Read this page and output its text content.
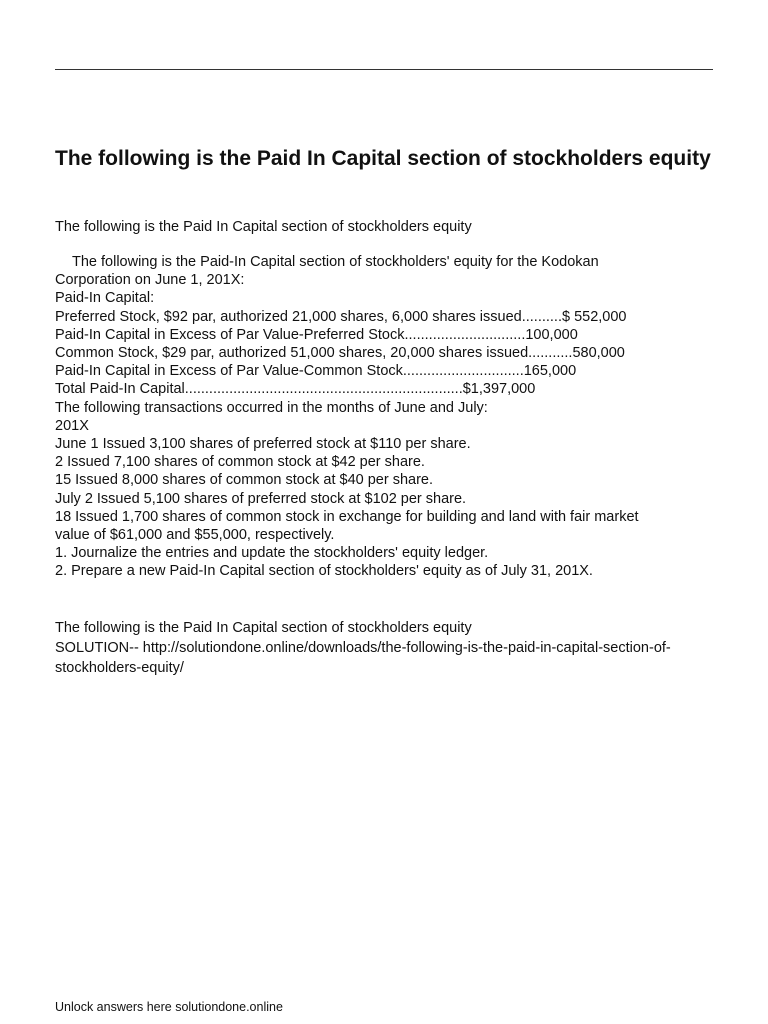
The following is the Paid In Capital section of stockholders equity

The following is the Paid In Capital section of stockholders equity

The following is the Paid-In Capital section of stockholders' equity for the Kodokan
Corporation on June 1, 201X:
Paid-In Capital:
Preferred Stock, $92 par, authorized 21,000 shares, 6,000 shares issued..........$ 552,000
Paid-In Capital in Excess of Par Value-Preferred Stock..............................100,000
Common Stock, $29 par, authorized 51,000 shares, 20,000 shares issued...........580,000
Paid-In Capital in Excess of Par Value-Common Stock..............................165,000
Total Paid-In Capital.....................................................................$1,397,000
The following transactions occurred in the months of June and July:
201X
June 1 Issued 3,100 shares of preferred stock at $110 per share.
2 Issued 7,100 shares of common stock at $42 per share.
15 Issued 8,000 shares of common stock at $40 per share.
July 2 Issued 5,100 shares of preferred stock at $102 per share.
18 Issued 1,700 shares of common stock in exchange for building and land with fair market
value of $61,000 and $55,000, respectively.
1. Journalize the entries and update the stockholders' equity ledger.
2. Prepare a new Paid-In Capital section of stockholders' equity as of July 31, 201X.
The following is the Paid In Capital section of stockholders equity
SOLUTION-- http://solutiondone.online/downloads/the-following-is-the-paid-in-capital-section-of-
stockholders-equity/
Unlock answers here solutiondone.online
